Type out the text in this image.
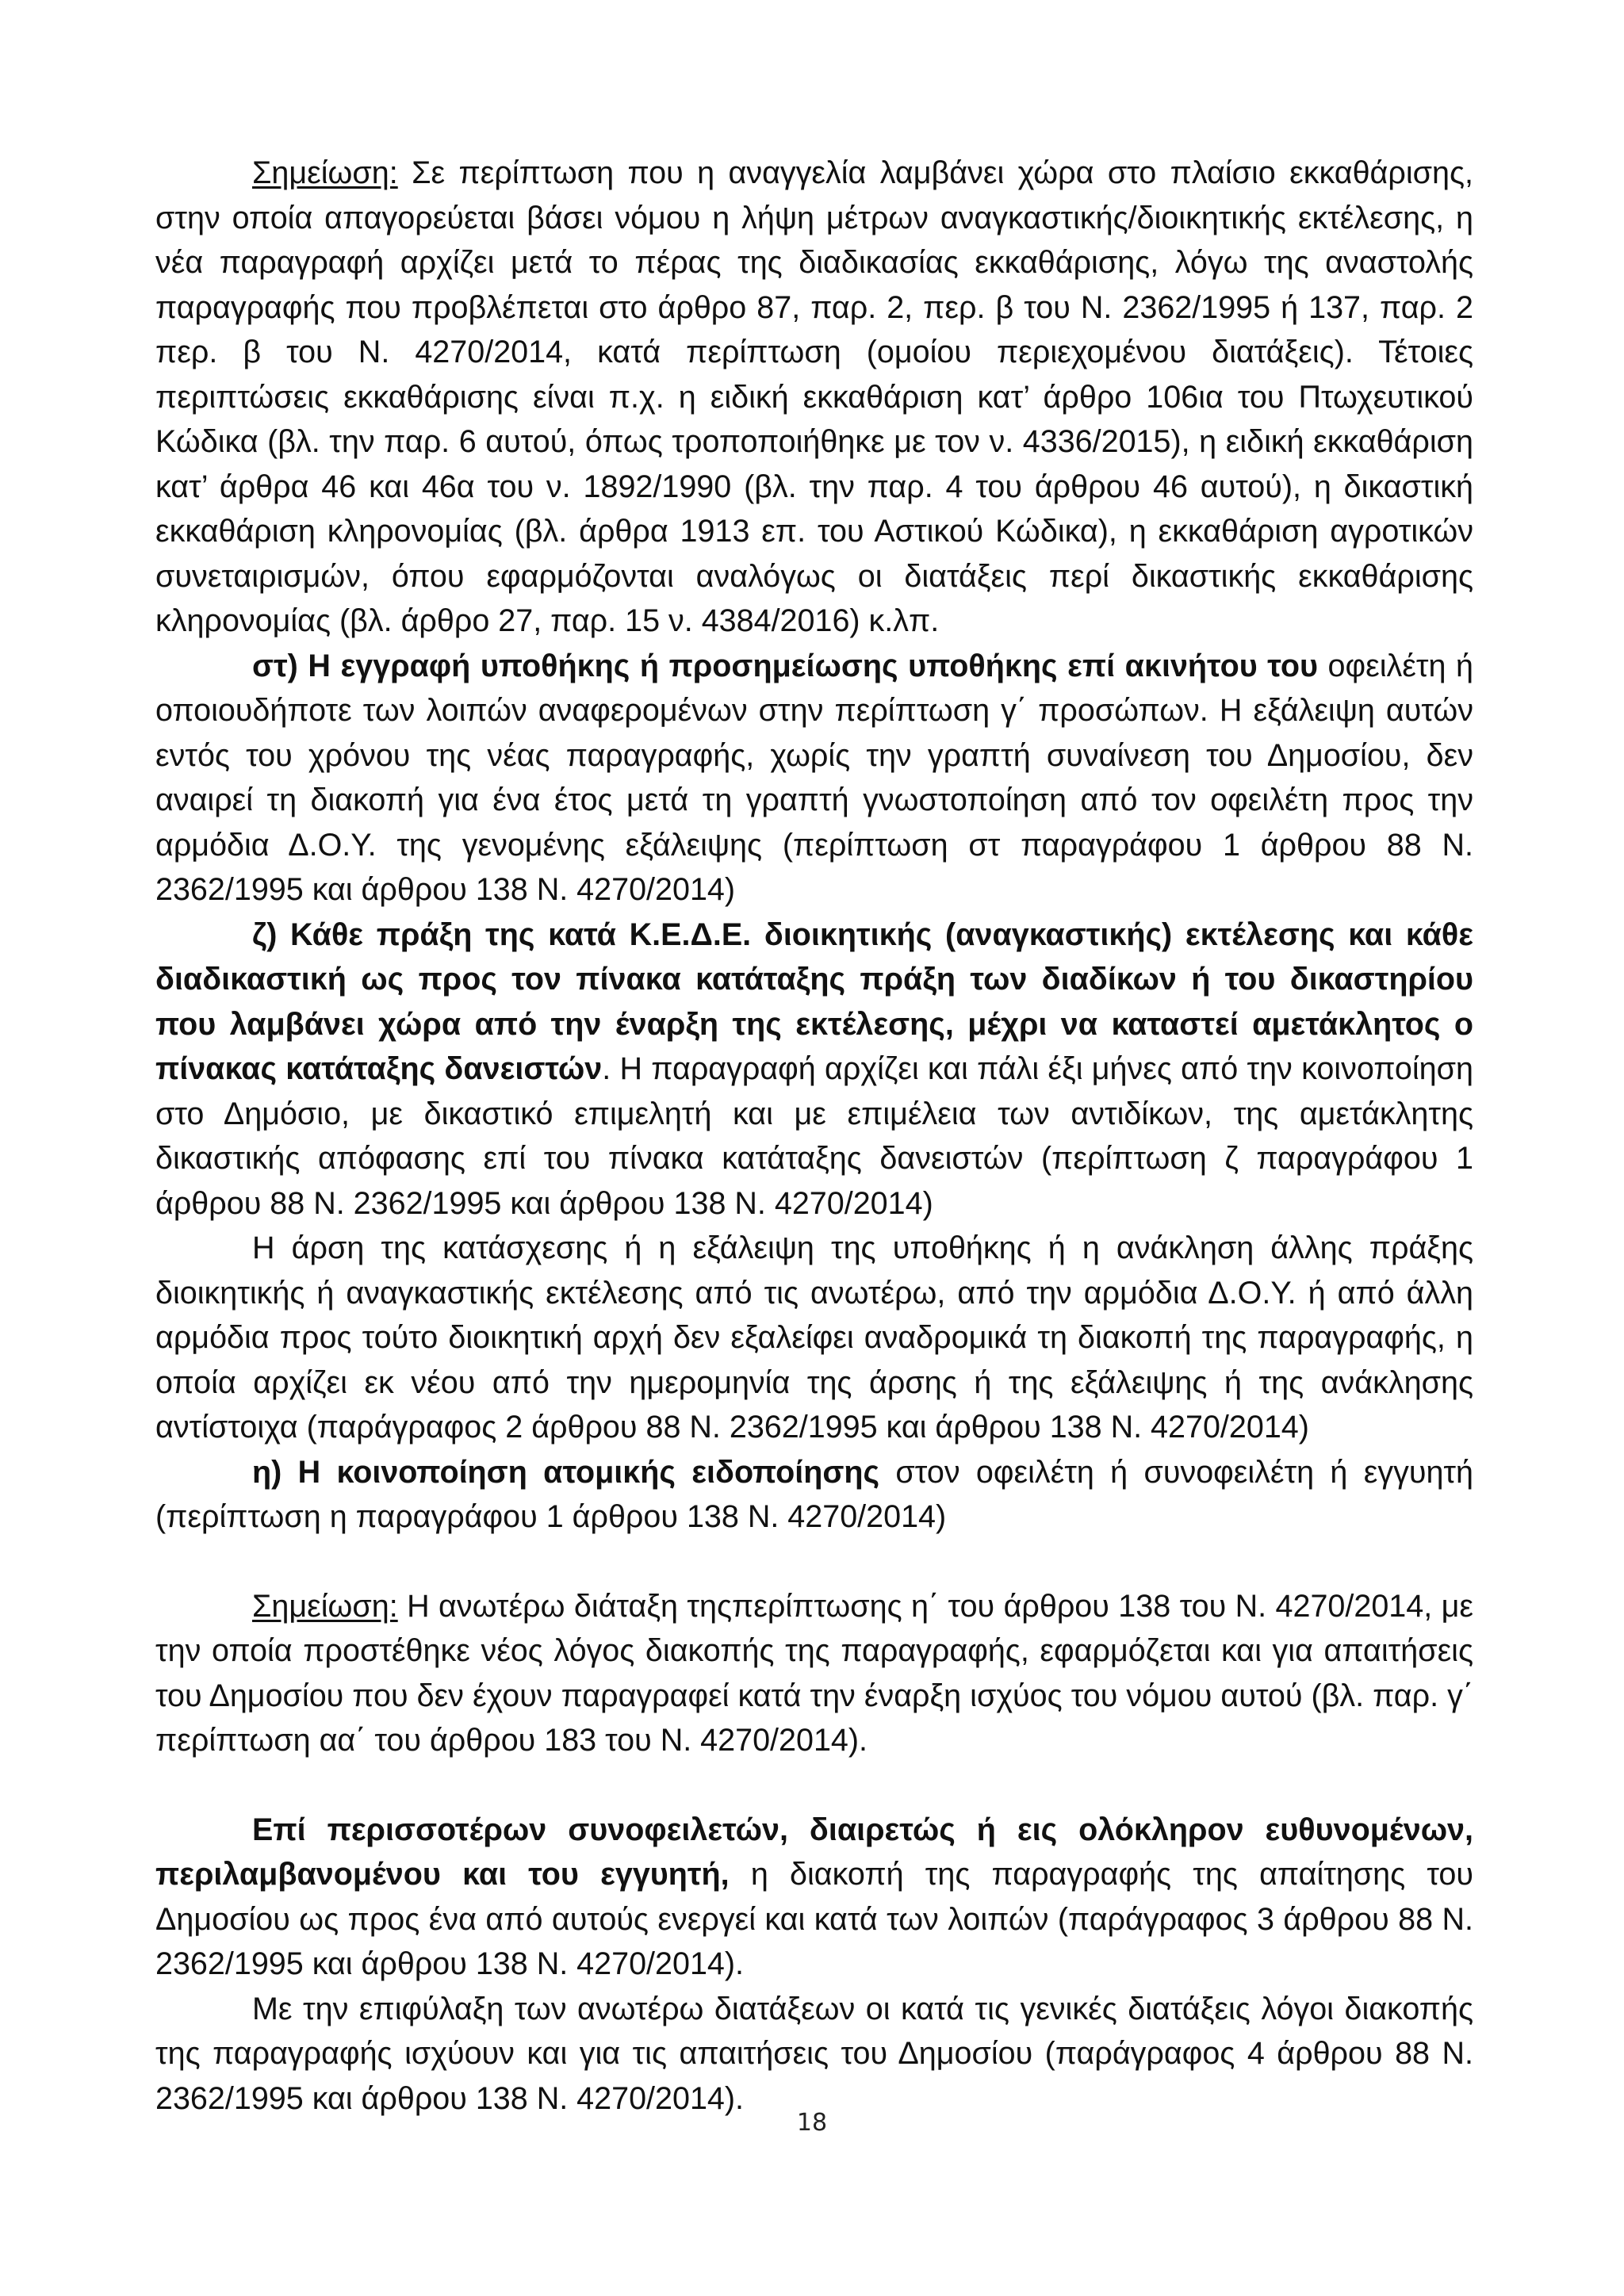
Σημείωση: Σε περίπτωση που η αναγγελία λαμβάνει χώρα στο πλαίσιο εκκαθάρισης, στην οποία απαγορεύεται βάσει νόμου η λήψη μέτρων αναγκαστικής/διοικητικής εκτέλεσης, η νέα παραγραφή αρχίζει μετά το πέρας της διαδικασίας εκκαθάρισης, λόγω της αναστολής παραγραφής που προβλέπεται στο άρθρο 87, παρ. 2, περ. β του Ν. 2362/1995 ή 137, παρ. 2 περ. β του Ν. 4270/2014, κατά περίπτωση (ομοίου περιεχομένου διατάξεις). Τέτοιες περιπτώσεις εκκαθάρισης είναι π.χ. η ειδική εκκαθάριση κατ’ άρθρο 106ια του Πτωχευτικού Κώδικα (βλ. την παρ. 6 αυτού, όπως τροποποιήθηκε με τον ν. 4336/2015), η ειδική εκκαθάριση κατ’ άρθρα 46 και 46α του ν. 1892/1990 (βλ. την παρ. 4 του άρθρου 46 αυτού), η δικαστική εκκαθάριση κληρονομίας (βλ. άρθρα 1913 επ. του Αστικού Κώδικα), η εκκαθάριση αγροτικών συνεταιρισμών, όπου εφαρμόζονται αναλόγως οι διατάξεις περί δικαστικής εκκαθάρισης κληρονομίας (βλ. άρθρο 27, παρ. 15 ν. 4384/2016) κ.λπ.

στ) Η εγγραφή υποθήκης ή προσημείωσης υποθήκης επί ακινήτου του οφειλέτη ή οποιουδήποτε των λοιπών αναφερομένων στην περίπτωση γ΄ προσώπων. Η εξάλειψη αυτών εντός του χρόνου της νέας παραγραφής, χωρίς την γραπτή συναίνεση του Δημοσίου, δεν αναιρεί τη διακοπή για ένα έτος μετά τη γραπτή γνωστοποίηση από τον οφειλέτη προς την αρμόδια Δ.Ο.Υ. της γενομένης εξάλειψης (περίπτωση στ παραγράφου 1 άρθρου 88 Ν. 2362/1995 και άρθρου 138 Ν. 4270/2014)

ζ) Κάθε πράξη της κατά Κ.Ε.Δ.Ε. διοικητικής (αναγκαστικής) εκτέλεσης και κάθε διαδικαστική ως προς τον πίνακα κατάταξης πράξη των διαδίκων ή του δικαστηρίου που λαμβάνει χώρα από την έναρξη της εκτέλεσης, μέχρι να καταστεί αμετάκλητος ο πίνακας κατάταξης δανειστών. Η παραγραφή αρχίζει και πάλι έξι μήνες από την κοινοποίηση στο Δημόσιο, με δικαστικό επιμελητή και με επιμέλεια των αντιδίκων, της αμετάκλητης δικαστικής απόφασης επί του πίνακα κατάταξης δανειστών (περίπτωση ζ παραγράφου 1 άρθρου 88 Ν. 2362/1995 και άρθρου 138 Ν. 4270/2014)

Η άρση της κατάσχεσης ή η εξάλειψη της υποθήκης ή η ανάκληση άλλης πράξης διοικητικής ή αναγκαστικής εκτέλεσης από τις ανωτέρω, από την αρμόδια Δ.Ο.Υ. ή από άλλη αρμόδια προς τούτο διοικητική αρχή δεν εξαλείφει αναδρομικά τη διακοπή της παραγραφής, η οποία αρχίζει εκ νέου από την ημερομηνία της άρσης ή της εξάλειψης ή της ανάκλησης αντίστοιχα (παράγραφος 2 άρθρου 88 Ν. 2362/1995 και άρθρου 138 Ν. 4270/2014)

η) Η κοινοποίηση ατομικής ειδοποίησης στον οφειλέτη ή συνοφειλέτη ή εγγυητή (περίπτωση η παραγράφου 1 άρθρου 138 Ν. 4270/2014)

Σημείωση: Η ανωτέρω διάταξη τηςπερίπτωσης η΄ του άρθρου 138 του Ν. 4270/2014, με την οποία προστέθηκε νέος λόγος διακοπής της παραγραφής, εφαρμόζεται και για απαιτήσεις του Δημοσίου που δεν έχουν παραγραφεί κατά την έναρξη ισχύος του νόμου αυτού (βλ. παρ. γ΄ περίπτωση αα΄ του άρθρου 183 του Ν. 4270/2014).

Επί περισσοτέρων συνοφειλετών, διαιρετώς ή εις ολόκληρον ευθυνομένων, περιλαμβανομένου και του εγγυητή, η διακοπή της παραγραφής της απαίτησης του Δημοσίου ως προς ένα από αυτούς ενεργεί και κατά των λοιπών (παράγραφος 3 άρθρου 88 Ν. 2362/1995 και άρθρου 138 Ν. 4270/2014).

Με την επιφύλαξη των ανωτέρω διατάξεων οι κατά τις γενικές διατάξεις λόγοι διακοπής της παραγραφής ισχύουν και για τις απαιτήσεις του Δημοσίου (παράγραφος 4 άρθρου 88 Ν. 2362/1995 και άρθρου 138 Ν. 4270/2014).

18
